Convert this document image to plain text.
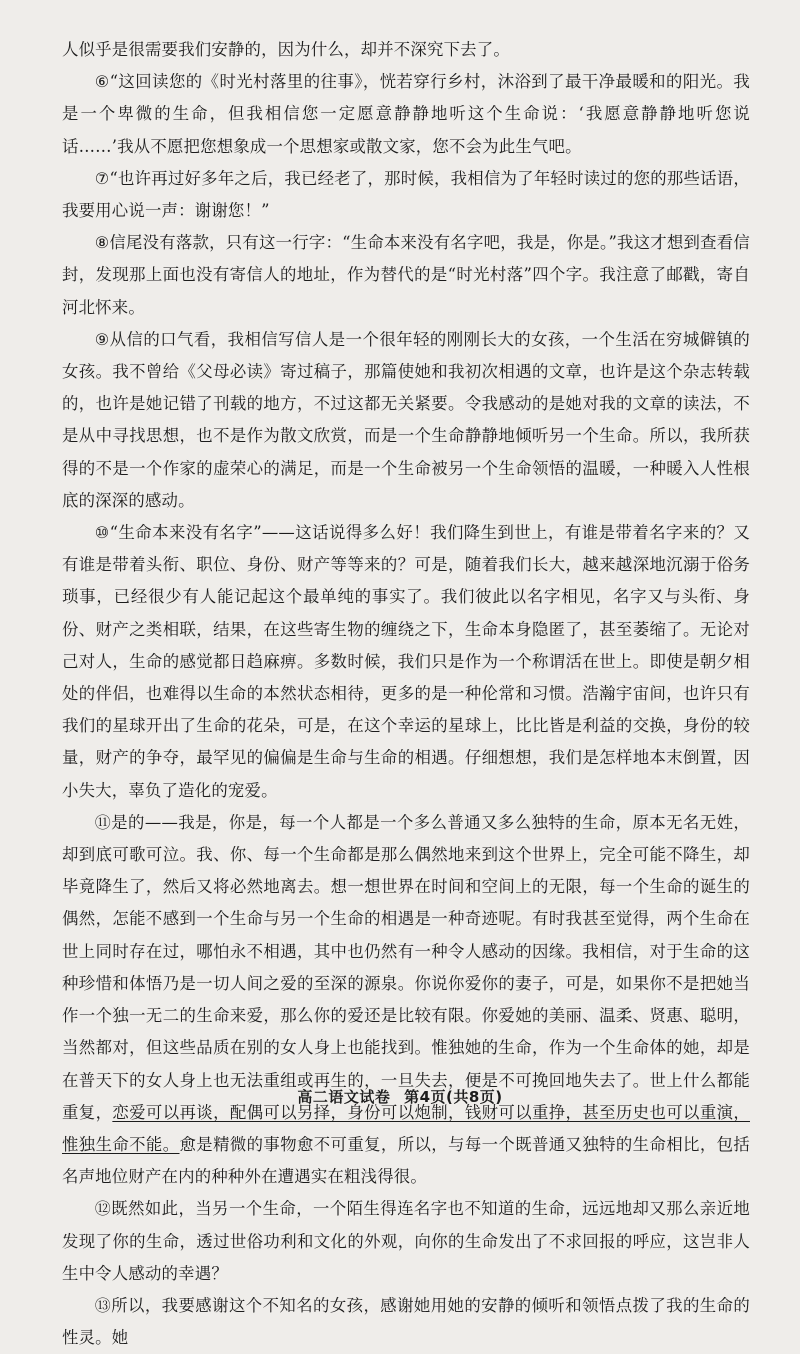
人似乎是很需要我们安静的，因为什么，却并不深究下去了。

⑥“这回读您的《时光村落里的往事》，恍若穿行乡村，沐浴到了最干净最暖和的阳光。我是一个卑微的生命，但我相信您一定愿意静静地听这个生命说：‘我愿意静静地听您说话……’我从不愿把您想象成一个思想家或散文家，您不会为此生气吧。

⑦“也许再过好多年之后，我已经老了，那时候，我相信为了年轻时读过的您的那些话语，我要用心说一声：谢谢您！”

⑧信尾没有落款，只有这一行字：“生命本来没有名字吧，我是，你是。”我这才想到查看信封，发现那上面也没有寄信人的地址，作为替代的是“时光村落”四个字。我注意了邮戳，寄自河北怀来。

⑨从信的口气看，我相信写信人是一个很年轻的刚刚长大的女孩，一个生活在穷城僻镇的女孩。我不曾给《父母必读》寄过稿子，那篇使她和我初次相遇的文章，也许是这个杂志转载的，也许是她记错了刊载的地方，不过这都无关紧要。令我感动的是她对我的文章的读法，不是从中寻找思想，也不是作为散文欣赏，而是一个生命静静地倾听另一个生命。所以，我所获得的不是一个作家的虚荣心的满足，而是一个生命被另一个生命领悟的温暖，一种暖入人性根底的深深的感动。

⑩“生命本来没有名字”——这话说得多么好！我们降生到世上，有谁是带着名字来的？又有谁是带着头衔、职位、身份、财产等等来的？可是，随着我们长大，越来越深地沉溺于俗务琐事，已经很少有人能记起这个最单纯的事实了。我们彼此以名字相见，名字又与头衔、身份、财产之类相联，结果，在这些寄生物的缠绕之下，生命本身隐匿了，甚至萎缩了。无论对己对人，生命的感觉都日趋麻痹。多数时候，我们只是作为一个称谓活在世上。即使是朝夕相处的伴侣，也难得以生命的本然状态相待，更多的是一种伦常和习惯。浩瀚宇宙间，也许只有我们的星球开出了生命的花朵，可是，在这个幸运的星球上，比比皆是利益的交换，身份的较量，财产的争夺，最罕见的偏偏是生命与生命的相遇。仔细想想，我们是怎样地本末倒置，因小失大，辜负了造化的宠爱。

⑪是的——我是，你是，每一个人都是一个多么普通又多么独特的生命，原本无名无姓，却到底可歌可泣。我、你、每一个生命都是那么偶然地来到这个世界上，完全可能不降生，却毕竟降生了，然后又将必然地离去。想一想世界在时间和空间上的无限，每一个生命的诞生的偶然，怎能不感到一个生命与另一个生命的相遇是一种奇迹呢。有时我甚至觉得，两个生命在世上同时存在过，哪怕永不相遇，其中也仍然有一种令人感动的因缘。我相信，对于生命的这种珍惜和体悟乃是一切人间之爱的至深的源泉。你说你爱你的妻子，可是，如果你不是把她当作一个独一无二的生命来爱，那么你的爱还是比较有限。你爱她的美丽、温柔、贤惠、聪明，当然都对，但这些品质在别的女人身上也能找到。惟独她的生命，作为一个生命体的她，却是在普天下的女人身上也无法重组或再生的，一旦失去，便是不可挽回地失去了。世上什么都能重复，恋爱可以再谈，配偶可以另择，身份可以炮制，钱财可以重挣，甚至历史也可以重演，惟独生命不能。愈是精微的事物愈不可重复，所以，与每一个既普通又独特的生命相比，包括名声地位财产在内的种种外在遭遇实在粗浅得很。

⑫既然如此，当另一个生命，一个陌生得连名字也不知道的生命，远远地却又那么亲近地发现了你的生命，透过世俗功利和文化的外观，向你的生命发出了不求回报的呼应，这岂非人生中令人感动的幸遇？

⑬所以，我要感谢这个不知名的女孩，感谢她用她的安静的倾听和领悟点拨了我的生命的性灵。她

高二语文试卷 第4页(共8页)
